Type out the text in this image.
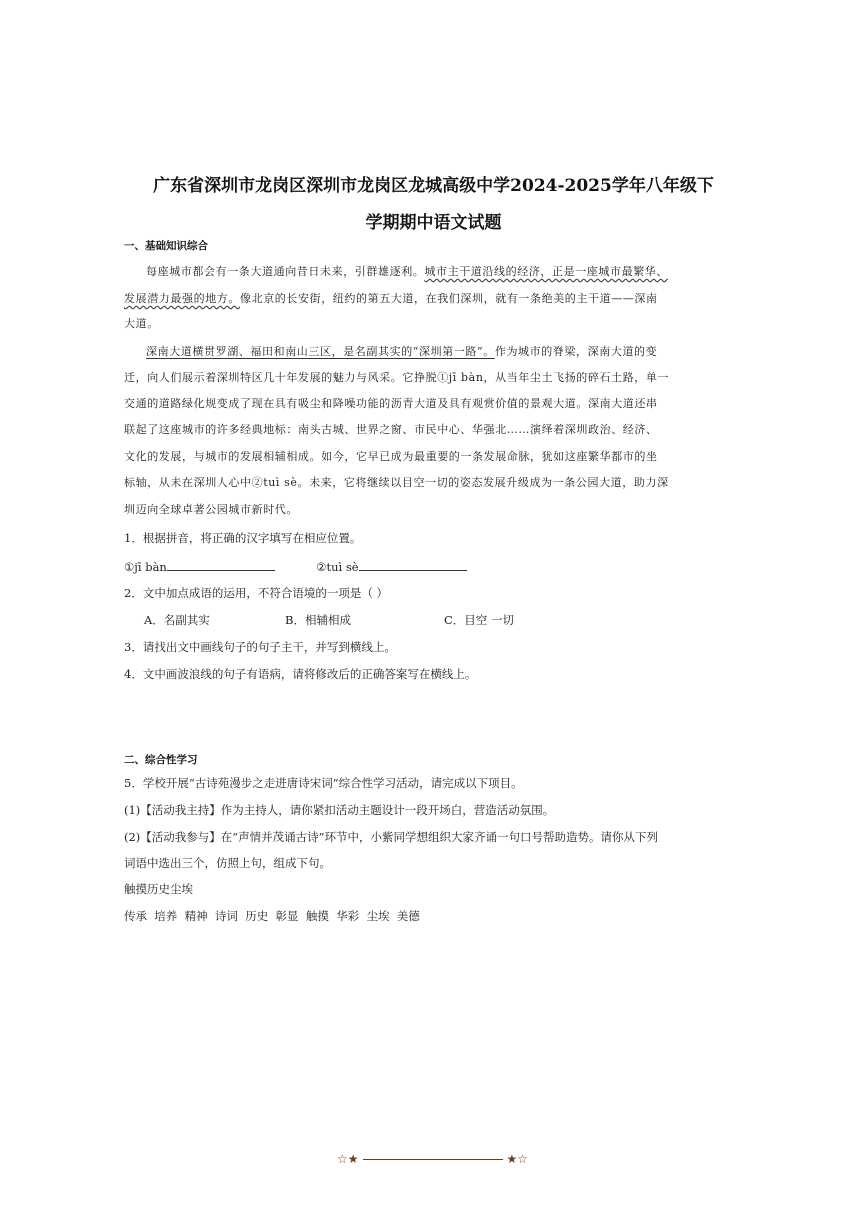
广东省深圳市龙岗区深圳市龙岗区龙城高级中学2024-2025学年八年级下
学期期中语文试题
一、基础知识综合
每座城市都会有一条大道通向昔日未来，引群雄逐利。城市主干道沿线的经济，正是一座城市最繁华、
发展潜力最强的地方。像北京的长安街，纽约的第五大道，在我们深圳，就有一条绝美的主干道——深南
大道。
深南大道横贯罗湖、福田和南山三区，是名副其实的“深圳第一路”。作为城市的脊梁，深南大道的变
迁，向人们展示着深圳特区几十年发展的魅力与风采。它挣脱①jī bàn，从当年尘土飞扬的碎石土路，单一
交通的道路绿化规变成了现在具有吸尘和降噪功能的沥青大道及具有观赏价值的景观大道。深南大道还串
联起了这座城市的许多经典地标：南头古城、世界之窗、市民中心、华强北……演绎着深圳政治、经济、
文化的发展，与城市的发展相辅相成。如今，它早已成为最重要的一条发展命脉，犹如这座繁华都市的坐
标轴，从未在深圳人心中②tuì sè。未来，它将继续以目空一切的姿态发展升级成为一条公园大道，助力深
圳迈向全球卓著公园城市新时代。
1．根据拼音，将正确的汉字填写在相应位置。
①jī bàn	②tuì sè
2．文中加点成语的运用，不符合语境的一项是（ ）
A．名副其实	B．相辅相成	C．目空 一切
3．请找出文中画线句子的句子主干，并写到横线上。
4．文中画波浪线的句子有语病，请将修改后的正确答案写在横线上。
二、综合性学习
5．学校开展“古诗苑漫步之走进唐诗宋词”综合性学习活动，请完成以下项目。
(1)【活动我主持】作为主持人，请你紧扣活动主题设计一段开场白，营造活动氛围。
(2)【活动我参与】在“声情并茂诵古诗”环节中，小紫同学想组织大家齐诵一句口号帮助造势。请你从下列
词语中选出三个，仿照上句，组成下句。
触摸历史尘埃
传承  培养  精神  诗词  历史  彰显  触摸  华彩  尘埃  美德
☆★	★☆
